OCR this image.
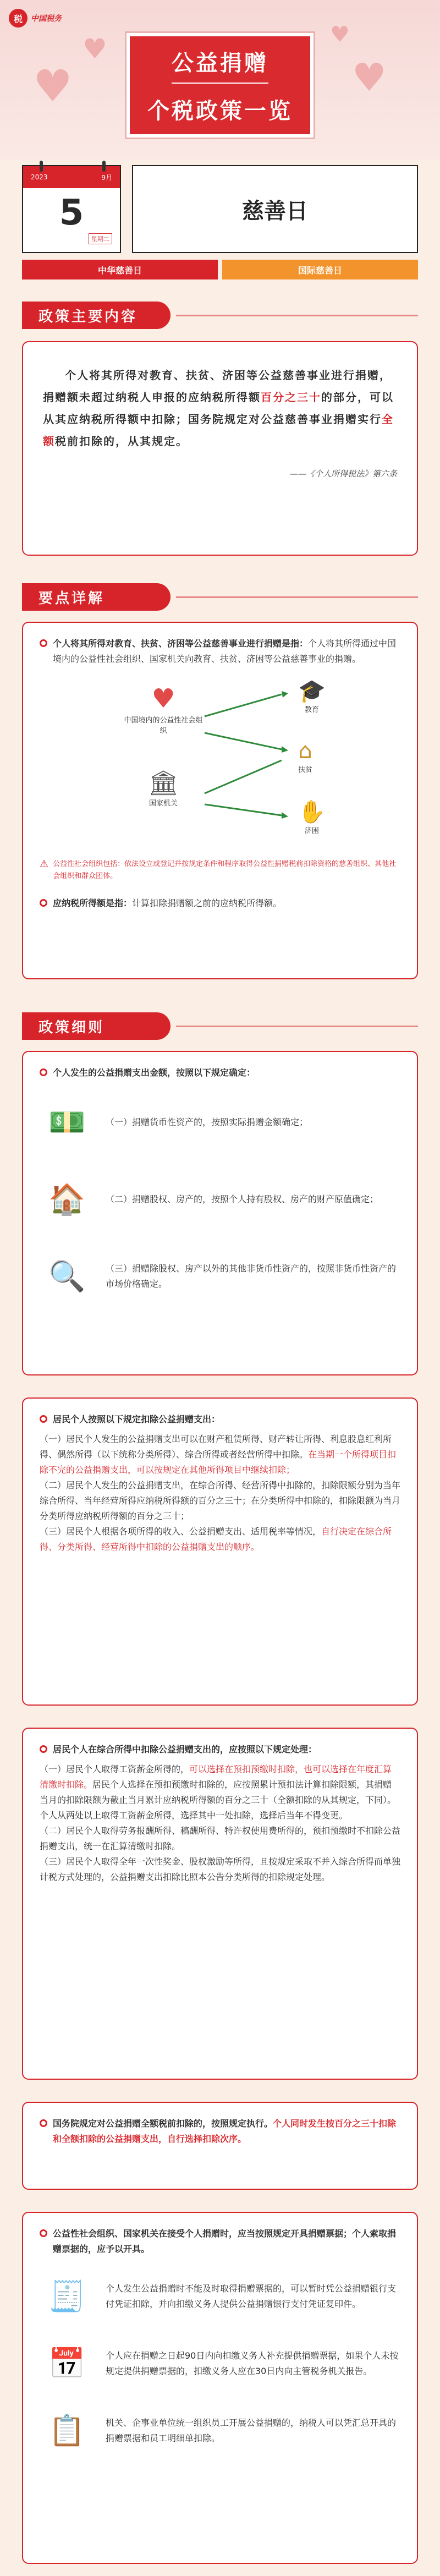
税	中国税务
♥
♥
♥
♥
公益捐赠
个税政策一览
2023	9月
5
星期二
慈善日
中华慈善日	国际慈善日
政策主要内容

个人将其所得对教育、扶贫、济困等公益慈善事业进行捐赠，捐赠额未超过纳税人申报的应纳税所得额百分之三十的部分，可以从其应纳税所得额中扣除；国务院规定对公益慈善事业捐赠实行全额税前扣除的，从其规定。

——《个人所得税法》第六条

要点详解

个人将其所得对教育、扶贫、济困等公益慈善事业进行捐赠是指：个人将其所得通过中国境内的公益性社会组织、国家机关向教育、扶贫、济困等公益慈善事业的捐赠。

♥
中国境内的公益性社会组织
🏛
国家机关
🎓
教育
⌂
扶贫
✋
济困
⚠ 公益性社会组织包括：依法设立或登记并按规定条件和程序取得公益性捐赠税前扣除资格的慈善组织、其他社会组织和群众团体。

应纳税所得额是指：计算扣除捐赠额之前的应纳税所得额。

政策细则

个人发生的公益捐赠支出金额，按照以下规定确定：

💵	（一）捐赠货币性资产的，按照实际捐赠金额确定；

🏠	（二）捐赠股权、房产的，按照个人持有股权、房产的财产原值确定；

🔍	（三）捐赠除股权、房产以外的其他非货币性资产的，按照非货币性资产的市场价格确定。

居民个人按照以下规定扣除公益捐赠支出：

（一）居民个人发生的公益捐赠支出可以在财产租赁所得、财产转让所得、利息股息红利所得、偶然所得（以下统称分类所得）、综合所得或者经营所得中扣除。在当期一个所得项目扣除不完的公益捐赠支出，可以按规定在其他所得项目中继续扣除；

（二）居民个人发生的公益捐赠支出，在综合所得、经营所得中扣除的，扣除限额分别为当年综合所得、当年经营所得应纳税所得额的百分之三十；在分类所得中扣除的，扣除限额为当月分类所得应纳税所得额的百分之三十；

（三）居民个人根据各项所得的收入、公益捐赠支出、适用税率等情况，自行决定在综合所得、分类所得、经营所得中扣除的公益捐赠支出的顺序。

居民个人在综合所得中扣除公益捐赠支出的，应按照以下规定处理：

（一）居民个人取得工资薪金所得的，可以选择在预扣预缴时扣除，也可以选择在年度汇算清缴时扣除。居民个人选择在预扣预缴时扣除的，应按照累计预扣法计算扣除限额，其捐赠当月的扣除限额为截止当月累计应纳税所得额的百分之三十（全额扣除的从其规定，下同）。个人从两处以上取得工资薪金所得，选择其中一处扣除，选择后当年不得变更。

（二）居民个人取得劳务报酬所得、稿酬所得、特许权使用费所得的，预扣预缴时不扣除公益捐赠支出，统一在汇算清缴时扣除。

（三）居民个人取得全年一次性奖金、股权激励等所得，且按规定采取不并入综合所得而单独计税方式处理的，公益捐赠支出扣除比照本公告分类所得的扣除规定处理。

国务院规定对公益捐赠全额税前扣除的，按照规定执行。个人同时发生按百分之三十扣除和全额扣除的公益捐赠支出，自行选择扣除次序。

公益性社会组织、国家机关在接受个人捐赠时，应当按照规定开具捐赠票据；个人索取捐赠票据的，应予以开具。

🧾	个人发生公益捐赠时不能及时取得捐赠票据的，可以暂时凭公益捐赠银行支付凭证扣除，并向扣缴义务人提供公益捐赠银行支付凭证复印件。

📅	个人应在捐赠之日起90日内向扣缴义务人补充提供捐赠票据，如果个人未按规定提供捐赠票据的，扣缴义务人应在30日内向主管税务机关报告。

📋	机关、企事业单位统一组织员工开展公益捐赠的，纳税人可以凭汇总开具的捐赠票据和员工明细单扣除。
